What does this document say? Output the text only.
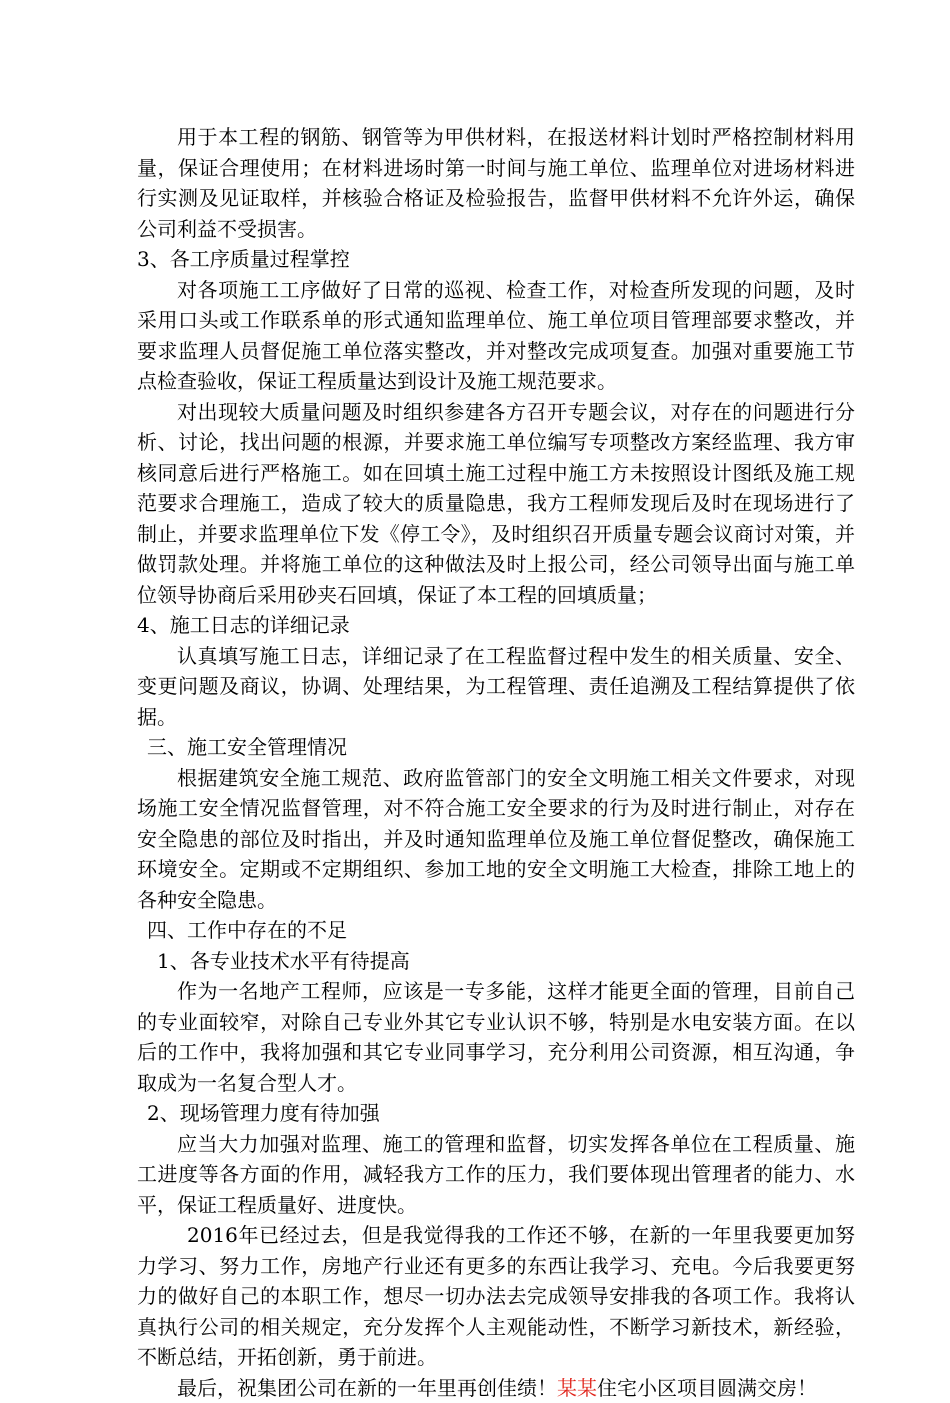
用于本工程的钢筋、钢管等为甲供材料，在报送材料计划时严格控制材料用量，保证合理使用；在材料进场时第一时间与施工单位、监理单位对进场材料进行实测及见证取样，并核验合格证及检验报告，监督甲供材料不允许外运，确保公司利益不受损害。

3、各工序质量过程掌控

对各项施工工序做好了日常的巡视、检查工作，对检查所发现的问题，及时采用口头或工作联系单的形式通知监理单位、施工单位项目管理部要求整改，并要求监理人员督促施工单位落实整改，并对整改完成项复查。加强对重要施工节点检查验收，保证工程质量达到设计及施工规范要求。

对出现较大质量问题及时组织参建各方召开专题会议，对存在的问题进行分析、讨论，找出问题的根源，并要求施工单位编写专项整改方案经监理、我方审核同意后进行严格施工。如在回填土施工过程中施工方未按照设计图纸及施工规范要求合理施工，造成了较大的质量隐患，我方工程师发现后及时在现场进行了制止，并要求监理单位下发《停工令》，及时组织召开质量专题会议商讨对策，并做罚款处理。并将施工单位的这种做法及时上报公司，经公司领导出面与施工单位领导协商后采用砂夹石回填，保证了本工程的回填质量；

4、施工日志的详细记录

认真填写施工日志，详细记录了在工程监督过程中发生的相关质量、安全、变更问题及商议，协调、处理结果，为工程管理、责任追溯及工程结算提供了依据。

三、施工安全管理情况

根据建筑安全施工规范、政府监管部门的安全文明施工相关文件要求，对现场施工安全情况监督管理，对不符合施工安全要求的行为及时进行制止，对存在安全隐患的部位及时指出，并及时通知监理单位及施工单位督促整改，确保施工环境安全。定期或不定期组织、参加工地的安全文明施工大检查，排除工地上的各种安全隐患。

四、工作中存在的不足

1、各专业技术水平有待提高

作为一名地产工程师，应该是一专多能，这样才能更全面的管理，目前自己的专业面较窄，对除自己专业外其它专业认识不够，特别是水电安装方面。在以后的工作中，我将加强和其它专业同事学习，充分利用公司资源，相互沟通，争取成为一名复合型人才。

2、现场管理力度有待加强

应当大力加强对监理、施工的管理和监督，切实发挥各单位在工程质量、施工进度等各方面的作用，减轻我方工作的压力，我们要体现出管理者的能力、水平，保证工程质量好、进度快。

2016年已经过去，但是我觉得我的工作还不够，在新的一年里我要更加努力学习、努力工作，房地产行业还有更多的东西让我学习、充电。今后我要更努力的做好自己的本职工作，想尽一切办法去完成领导安排我的各项工作。我将认真执行公司的相关规定，充分发挥个人主观能动性，不断学习新技术，新经验，不断总结，开拓创新，勇于前进。

最后，祝集团公司在新的一年里再创佳绩！某某住宅小区项目圆满交房！
